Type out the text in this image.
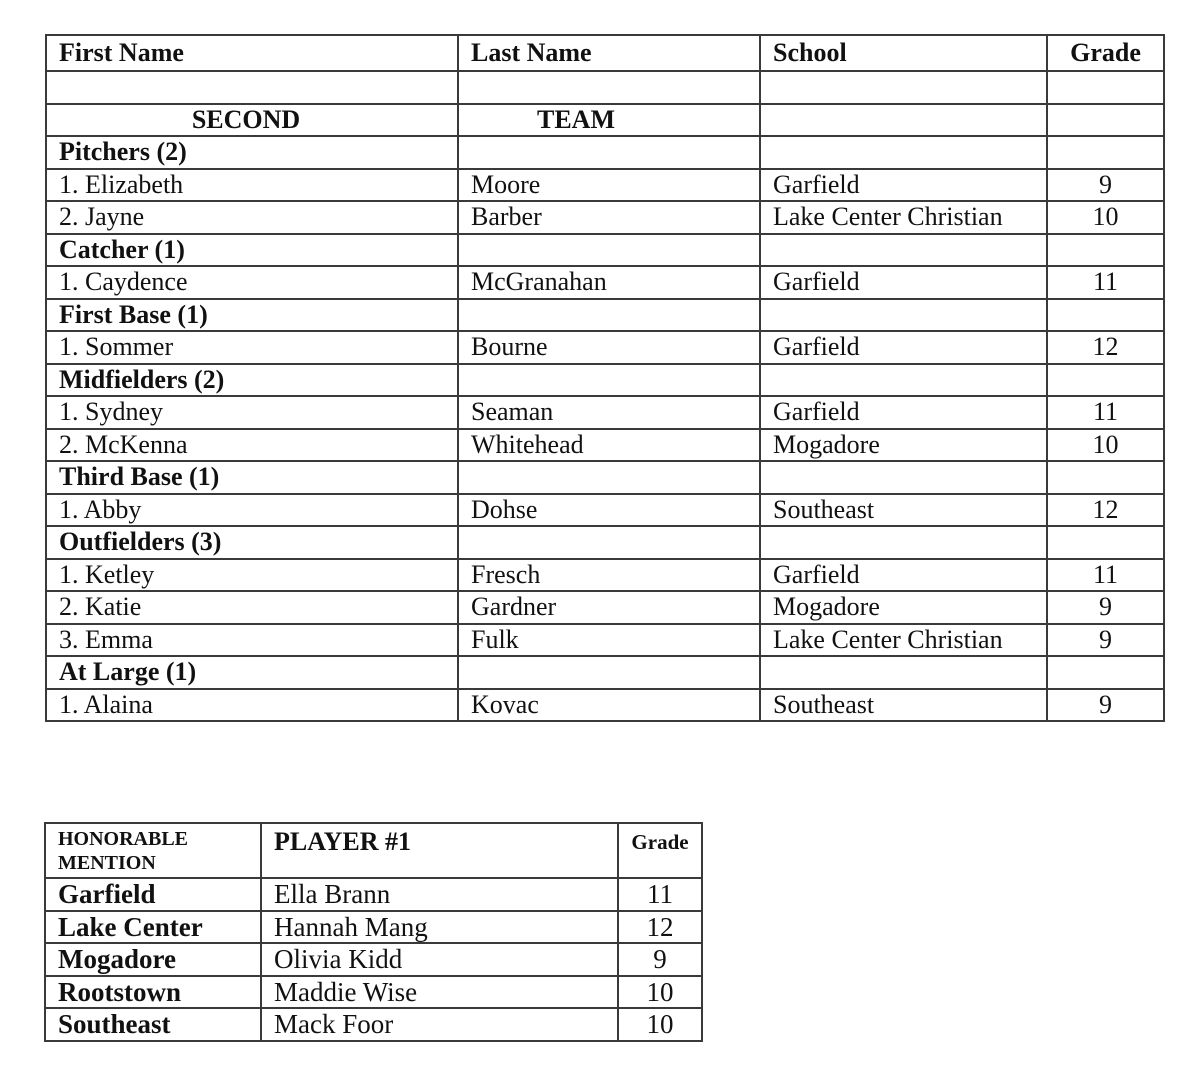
First Name	Last Name	School	Grade

SECOND	TEAM		
Pitchers (2)			
1. Elizabeth	Moore	Garfield	9
2. Jayne	Barber	Lake Center Christian	10
Catcher (1)			
1. Caydence	McGranahan	Garfield	11
First Base (1)			
1. Sommer	Bourne	Garfield	12
Midfielders (2)			
1. Sydney	Seaman	Garfield	11
2. McKenna	Whitehead	Mogadore	10
Third Base (1)			
1. Abby	Dohse	Southeast	12
Outfielders (3)			
1. Ketley	Fresch	Garfield	11
2. Katie	Gardner	Mogadore	9
3. Emma	Fulk	Lake Center Christian	9
At Large (1)			
1. Alaina	Kovac	Southeast	9
HONORABLE MENTION	PLAYER #1	Grade
Garfield	Ella Brann	11
Lake Center	Hannah Mang	12
Mogadore	Olivia Kidd	9
Rootstown	Maddie Wise	10
Southeast	Mack Foor	10
